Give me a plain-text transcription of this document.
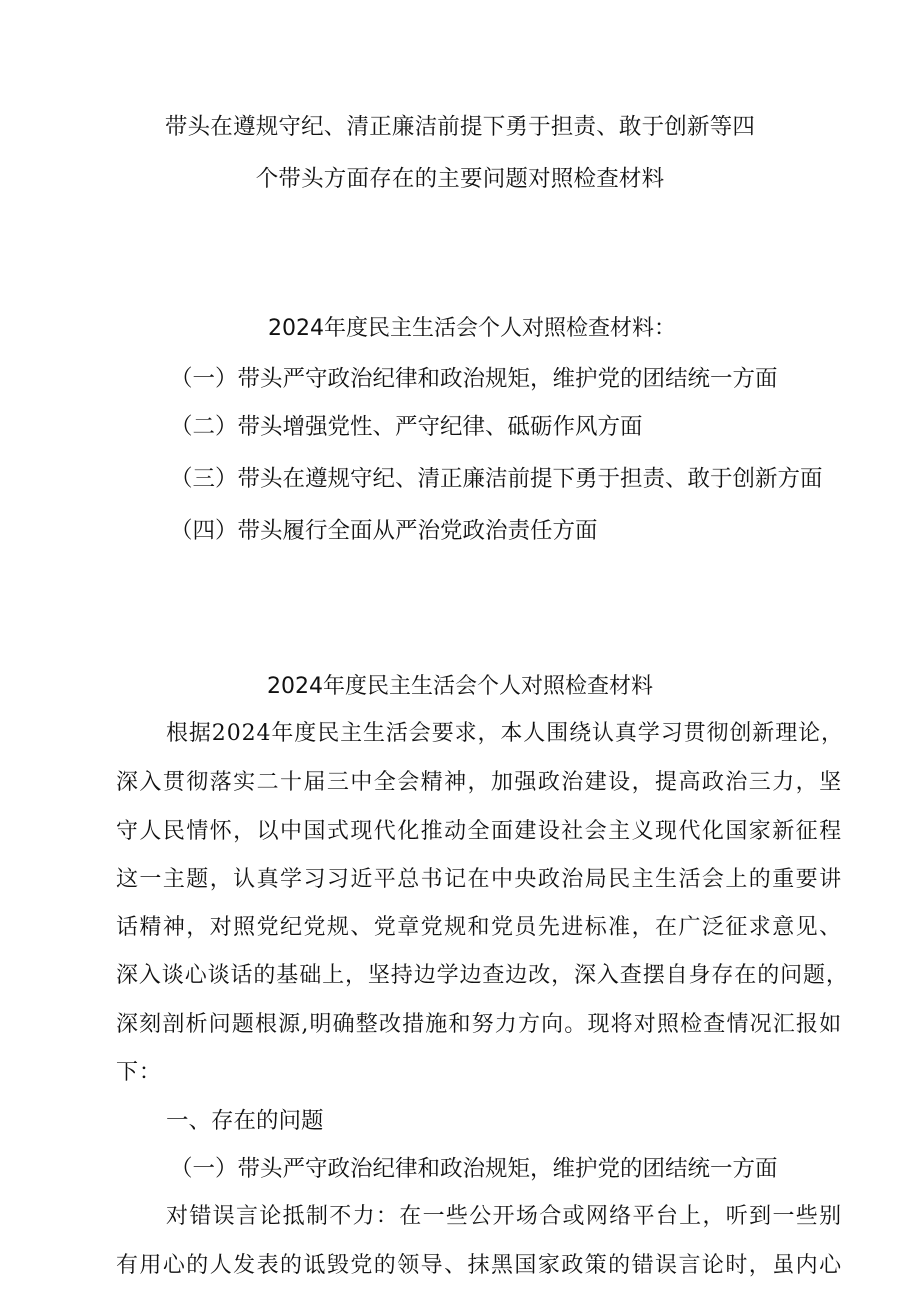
带头在遵规守纪、清正廉洁前提下勇于担责、敢于创新等四
个带头方面存在的主要问题对照检查材料
2024年度民主生活会个人对照检查材料：
（一）带头严守政治纪律和政治规矩，维护党的团结统一方面
（二）带头增强党性、严守纪律、砥砺作风方面
（三）带头在遵规守纪、清正廉洁前提下勇于担责、敢于创新方面
（四）带头履行全面从严治党政治责任方面
2024年度民主生活会个人对照检查材料
根据2024年度民主生活会要求，本人围绕认真学习贯彻创新理论，
深入贯彻落实二十届三中全会精神，加强政治建设，提高政治三力，坚
守人民情怀，以中国式现代化推动全面建设社会主义现代化国家新征程
这一主题，认真学习习近平总书记在中央政治局民主生活会上的重要讲
话精神，对照党纪党规、党章党规和党员先进标准，在广泛征求意见、
深入谈心谈话的基础上，坚持边学边查边改，深入查摆自身存在的问题，
深刻剖析问题根源,明确整改措施和努力方向。现将对照检查情况汇报如
下：
一、存在的问题
（一）带头严守政治纪律和政治规矩，维护党的团结统一方面
对错误言论抵制不力：在一些公开场合或网络平台上，听到一些别
有用心的人发表的诋毁党的领导、抹黑国家政策的错误言论时，虽内心
